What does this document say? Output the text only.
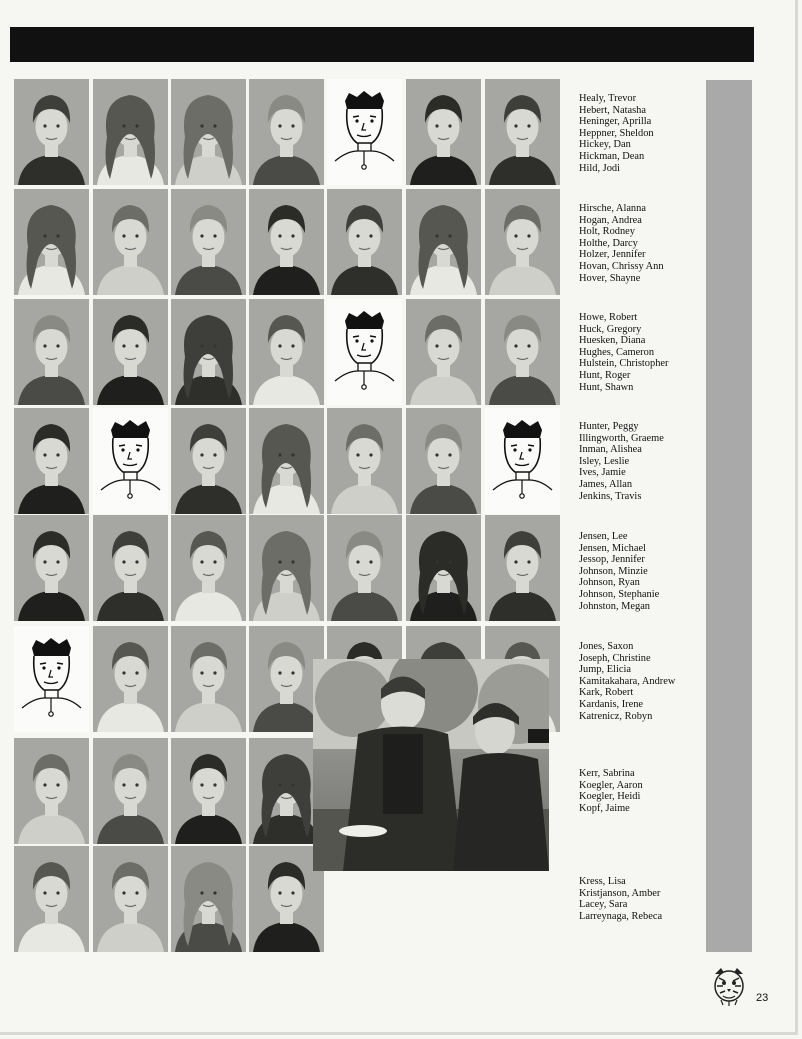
Healy, Trevor
Hebert, Natasha
Heninger, Aprilla
Heppner, Sheldon
Hickey, Dan
Hickman, Dean
Hild, Jodi
Hirsche, Alanna
Hogan, Andrea
Holt, Rodney
Holthe, Darcy
Holzer, Jennifer
Hovan, Chrissy Ann
Hover, Shayne
Howe, Robert
Huck, Gregory
Huesken, Diana
Hughes, Cameron
Hulstein, Christopher
Hunt, Roger
Hunt, Shawn
Hunter, Peggy
Illingworth, Graeme
Inman, Alishea
Isley, Leslie
Ives, Jamie
James, Allan
Jenkins, Travis
Jensen, Lee
Jensen, Michael
Jessop, Jennifer
Johnson, Minzie
Johnson, Ryan
Johnson, Stephanie
Johnston, Megan
Jones, Saxon
Joseph, Christine
Jump, Elicia
Kamitakahara, Andrew
Kark, Robert
Kardanis, Irene
Katrenicz, Robyn
Kerr, Sabrina
Koegler, Aaron
Koegler, Heidi
Kopf, Jaime
Kress, Lisa
Kristjanson, Amber
Lacey, Sara
Larreynaga, Rebeca
23
